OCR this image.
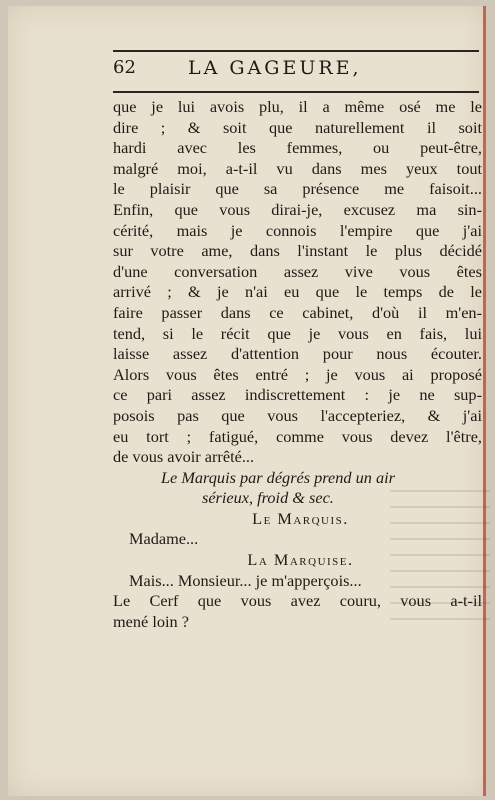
62	LA GAGEURE,
que je lui avois plu, il a même osé me le
dire ; & soit que naturellement il soit
hardi avec les femmes, ou peut-être,
malgré moi, a-t-il vu dans mes yeux tout
le plaisir que sa présence me faisoit...
Enfin, que vous dirai-je, excusez ma sin-
cérité, mais je connois l'empire que j'ai
sur votre ame, dans l'instant le plus décidé
d'une conversation assez vive vous êtes
arrivé ; & je n'ai eu que le temps de le
faire passer dans ce cabinet, d'où il m'en-
tend, si le récit que je vous en fais, lui
laisse assez d'attention pour nous écouter.
Alors vous êtes entré ; je vous ai proposé
ce pari assez indiscrettement : je ne sup-
posois pas que vous l'accepteriez, & j'ai
eu tort ; fatigué, comme vous devez l'être,
de vous avoir arrêté...
Le Marquis par dégrés prend un air
sérieux, froid & sec.
Le Marquis.
Madame...
La Marquise.
Mais... Monsieur... je m'apperçois...
Le Cerf que vous avez couru, vous a-t-il
mené loin ?
